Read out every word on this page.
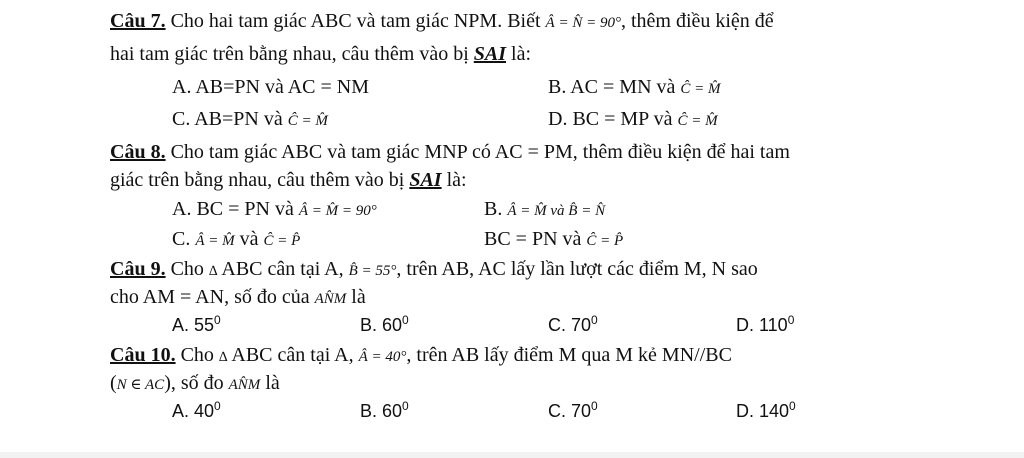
Câu 7. Cho hai tam giác ABC và tam giác NPM. Biết Â = N̂ = 90°, thêm điều kiện để
hai tam giác trên bằng nhau, câu thêm vào bị SAI là:
A. AB=PN và AC = NM	B. AC = MN và Ĉ = M̂
C. AB=PN và Ĉ = M̂	D. BC = MP và Ĉ = M̂
Câu 8. Cho tam giác ABC và tam giác MNP có AC = PM, thêm điều kiện để hai tam
giác trên bằng nhau, câu thêm vào bị SAI là:
A. BC = PN và Â = M̂ = 90°	B. Â = M̂ và B̂ = N̂
C. Â = M̂ và Ĉ = P̂	BC = PN và Ĉ = P̂
Câu 9. Cho ∆ ABC cân tại A, B̂ = 55°, trên AB, AC lấy lần lượt các điểm M, N sao
cho AM = AN, số đo của AN̂M là
A. $55^0$	B. $60^0$	C. $70^0$	D. $110^0$
Câu 10. Cho ∆ ABC cân tại A, Â = 40°, trên AB lấy điểm M qua M kẻ MN//BC
(N ∈ AC), số đo AN̂M là
A. $40^0$	B. $60^0$	C. $70^0$	D. $140^0$
